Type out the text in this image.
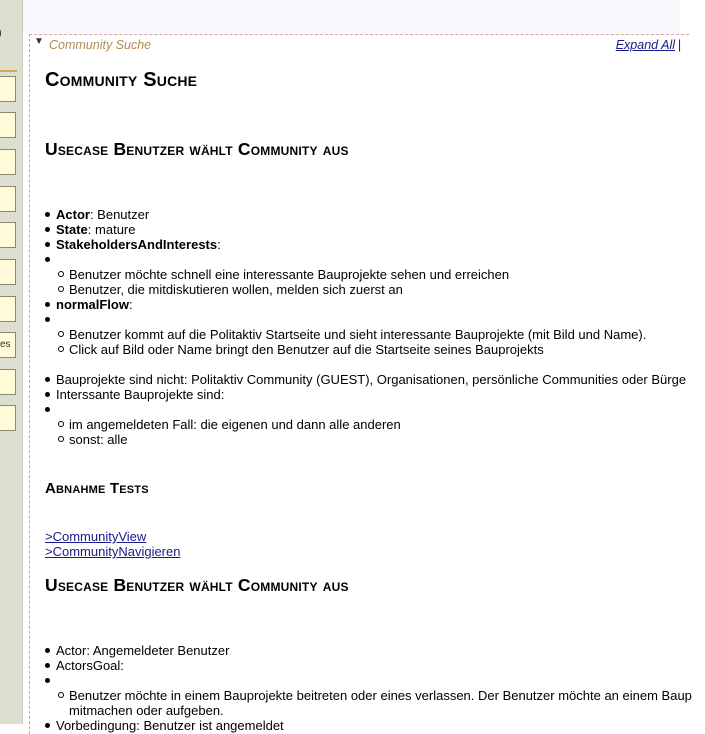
es
▼ Community Suche	Expand All |
Community Suche
Usecase Benutzer wählt Community aus
Actor: Benutzer
State: mature
StakeholdersAndInterests:
Benutzer möchte schnell eine interessante Bauprojekte sehen und erreichen
Benutzer, die mitdiskutieren wollen, melden sich zuerst an
normalFlow:
Benutzer kommt auf die Politaktiv Startseite und sieht interessante Bauprojekte (mit Bild und Name).
Click auf Bild oder Name bringt den Benutzer auf die Startseite seines Bauprojekts
Bauprojekte sind nicht: Politaktiv Community (GUEST), Organisationen, persönliche Communities oder Bürge
Interssante Bauprojekte sind:
im angemeldeten Fall: die eigenen und dann alle anderen
sonst: alle
Abnahme Tests
>CommunityView
>CommunityNavigieren
Usecase Benutzer wählt Community aus
Actor: Angemeldeter Benutzer
ActorsGoal:
Benutzer möchte in einem Bauprojekte beitreten oder eines verlassen. Der Benutzer möchte an einem Baup
mitmachen oder aufgeben.
Vorbedingung: Benutzer ist angemeldet
